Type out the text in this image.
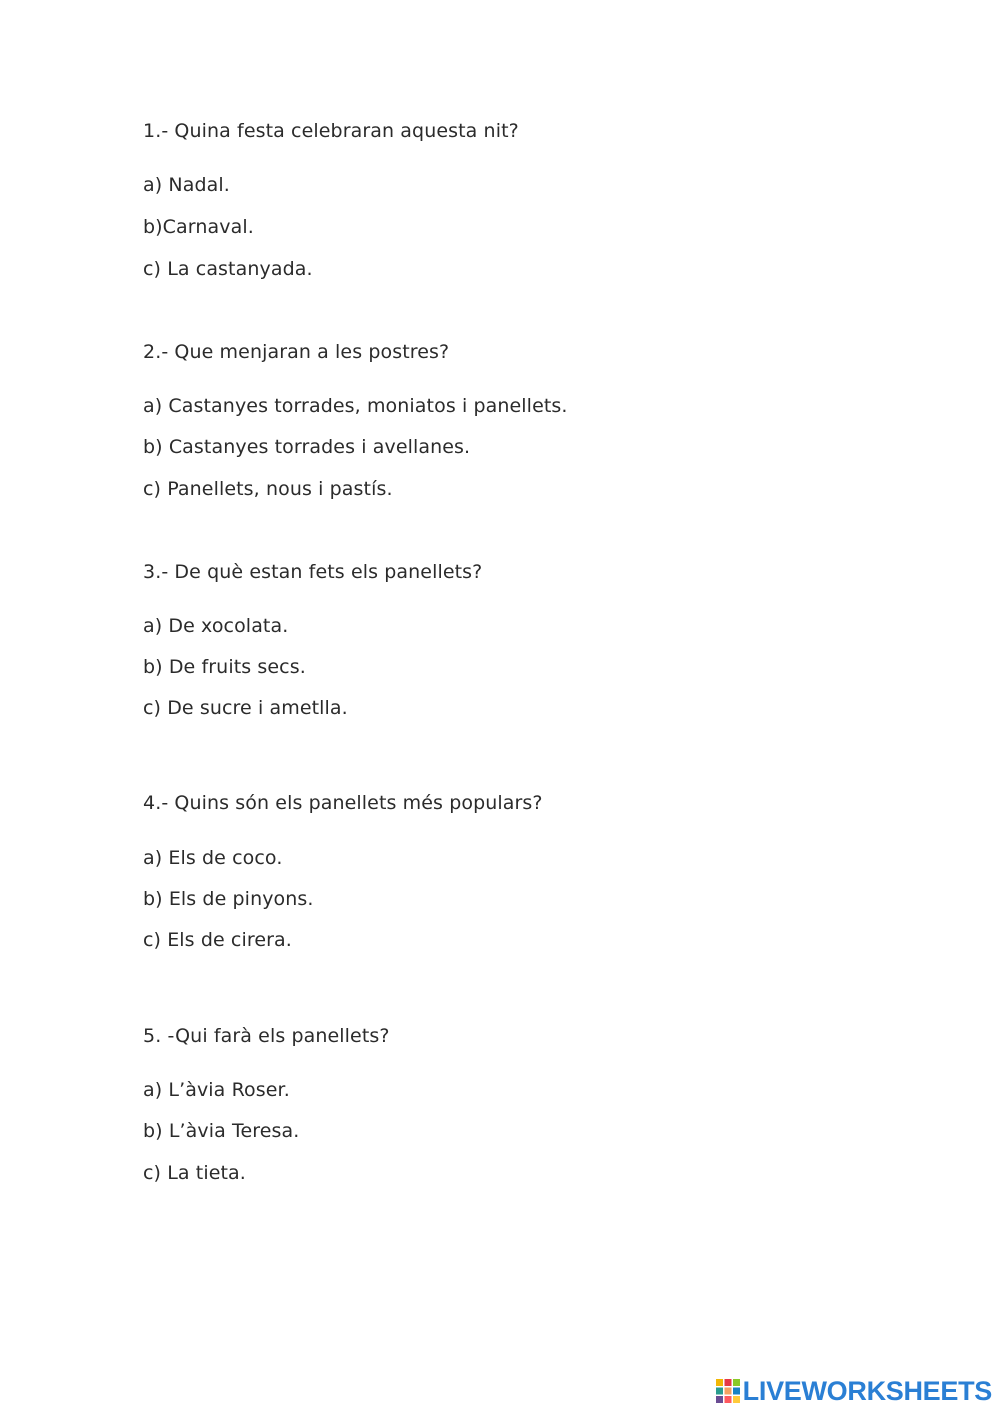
1.- Quina festa celebraran aquesta nit?
a) Nadal.
b)Carnaval.
c) La castanyada.
2.- Que menjaran a les postres?
a) Castanyes torrades, moniatos i panellets.
b) Castanyes torrades i avellanes.
c) Panellets, nous i pastís.
3.- De què estan fets els panellets?
a) De xocolata.
b) De fruits secs.
c) De sucre i ametlla.
4.- Quins són els panellets més populars?
a) Els de coco.
b) Els de pinyons.
c) Els de cirera.
5. -Qui farà els panellets?
a) L’àvia Roser.
b) L’àvia Teresa.
c) La tieta.
LIVEWORKSHEETS
